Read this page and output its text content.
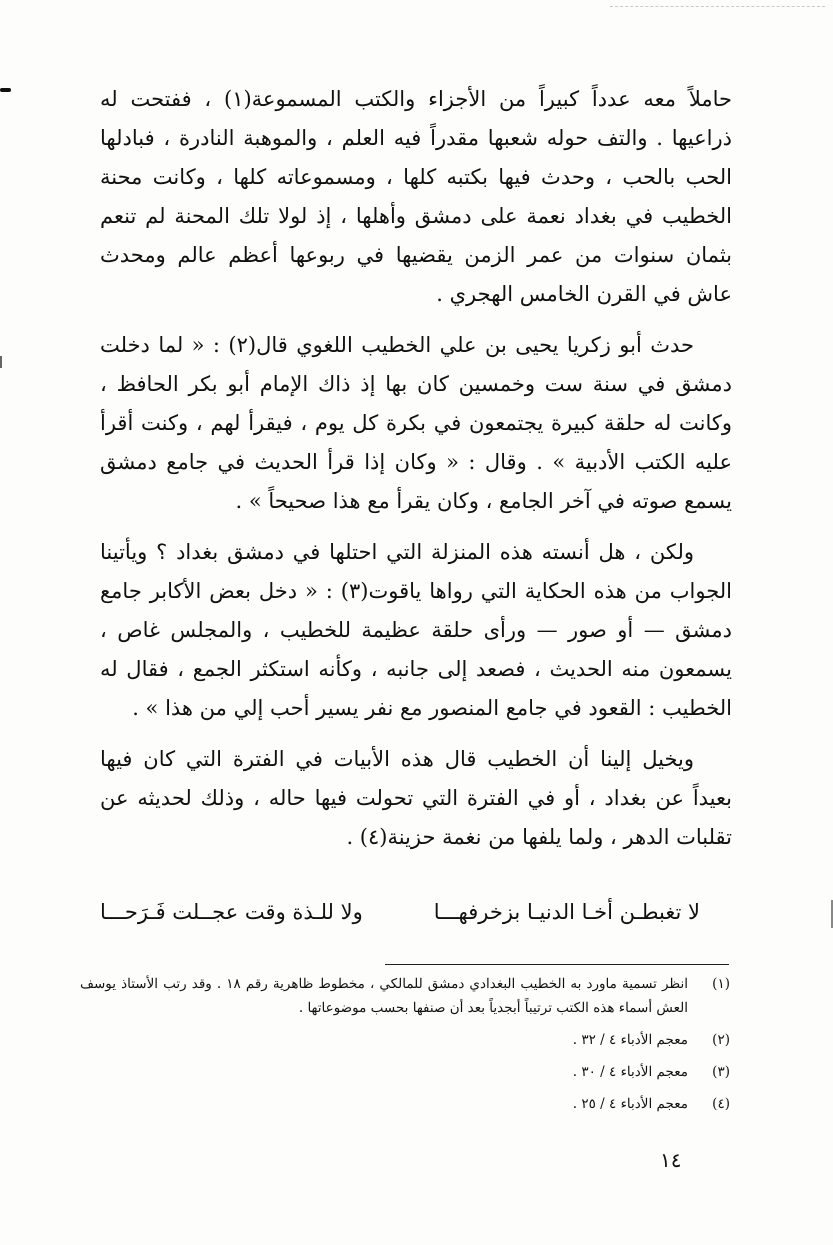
حاملاً معه عدداً كبيراً من الأجزاء والكتب المسموعة(١) ، ففتحت له ذراعيها . والتف حوله شعبها مقدراً فيه العلم ، والموهبة النادرة ، فبادلها الحب بالحب ، وحدث فيها بكتبه كلها ، ومسموعاته كلها ، وكانت محنة الخطيب في بغداد نعمة على دمشق وأهلها ، إذ لولا تلك المحنة لم تنعم بثمان سنوات من عمر الزمن يقضيها في ربوعها أعظم عالم ومحدث عاش في القرن الخامس الهجري .

حدث أبو زكريا يحيى بن علي الخطيب اللغوي قال(٢) : « لما دخلت دمشق في سنة ست وخمسين كان بها إذ ذاك الإمام أبو بكر الحافظ ، وكانت له حلقة كبيرة يجتمعون في بكرة كل يوم ، فيقرأ لهم ، وكنت أقرأ عليه الكتب الأدبية » . وقال : « وكان إذا قرأ الحديث في جامع دمشق يسمع صوته في آخر الجامع ، وكان يقرأ مع هذا صحيحاً » .

ولكن ، هل أنسته هذه المنزلة التي احتلها في دمشق بغداد ؟ ويأتينا الجواب من هذه الحكاية التي رواها ياقوت(٣) : « دخل بعض الأكابر جامع دمشق — أو صور — ورأى حلقة عظيمة للخطيب ، والمجلس غاص ، يسمعون منه الحديث ، فصعد إلى جانبه ، وكأنه استكثر الجمع ، فقال له الخطيب : القعود في جامع المنصور مع نفر يسير أحب إلي من هذا » .

ويخيل إلينا أن الخطيب قال هذه الأبيات في الفترة التي كان فيها بعيداً عن بغداد ، أو في الفترة التي تحولت فيها حاله ، وذلك لحديثه عن تقلبات الدهر ، ولما يلفها من نغمة حزينة(٤) .

لا تغبطـن أخـا الدنيـا بزخرفهـــا
ولا للـذة وقت عجــلت فَـرَحـــا
(١)
انظر تسمية ماورد به الخطيب البغدادي دمشق للمالكي ، مخطوط ظاهرية رقم ١٨ . وقد رتب الأستاذ يوسف العش أسماء هذه الكتب ترتيباً أبجدياً بعد أن صنفها بحسب موضوعاتها .
(٢)
معجم الأدباء ٤ / ٣٢ .
(٣)
معجم الأدباء ٤ / ٣٠ .
(٤)
معجم الأدباء ٤ / ٢٥ .
١٤
